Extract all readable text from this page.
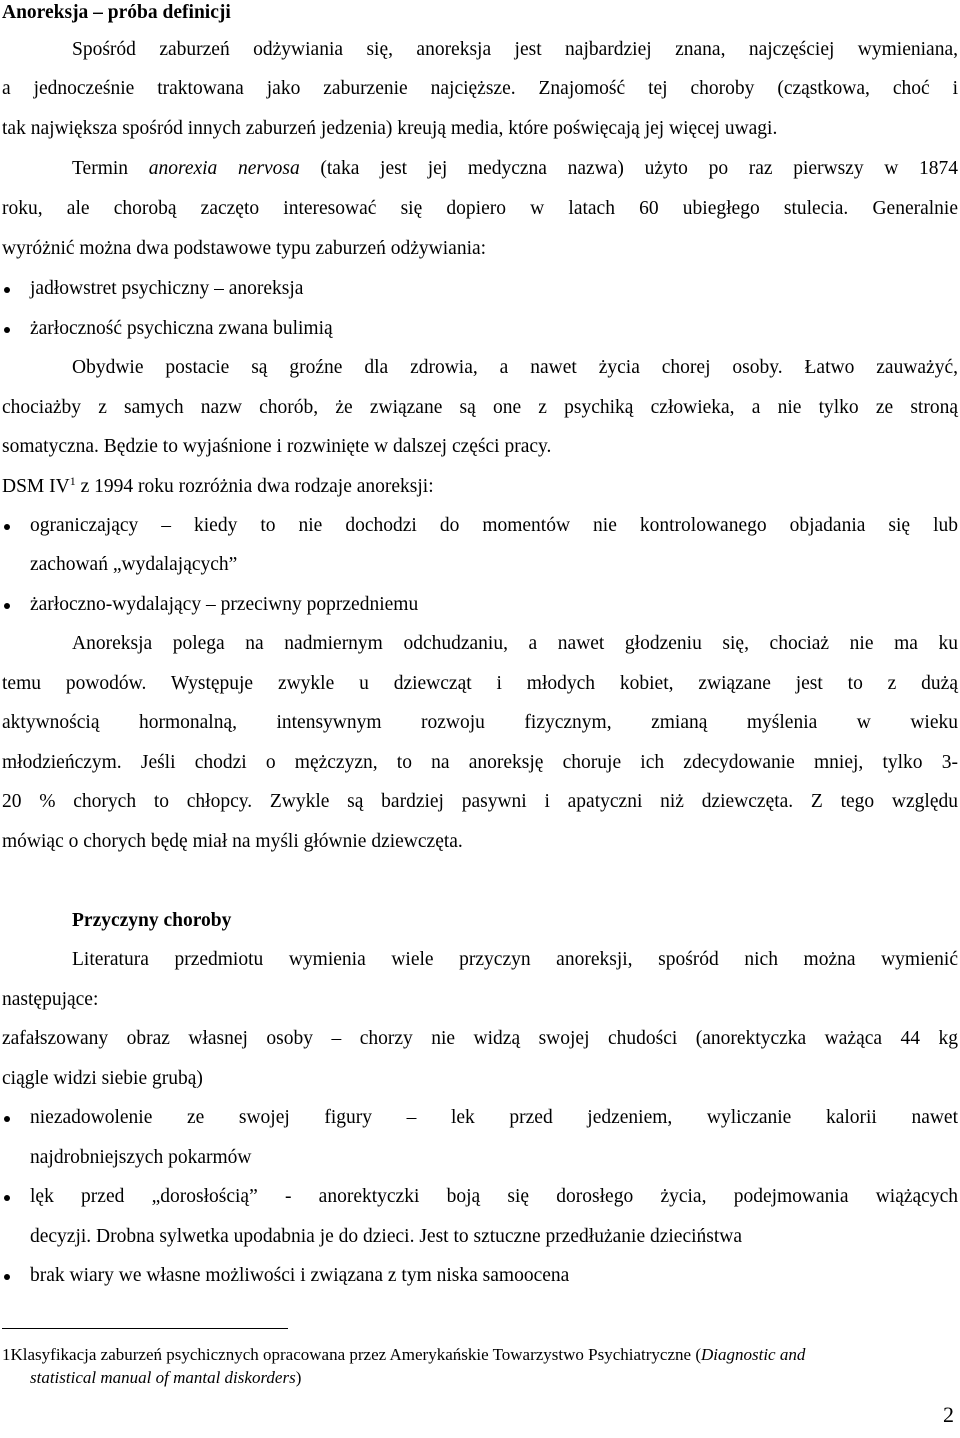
Anoreksja – próba definicji
Spośród zaburzeń odżywiania się, anoreksja jest najbardziej znana, najczęściej wymieniana,
a jednocześnie traktowana jako zaburzenie najcięższe. Znajomość tej choroby (cząstkowa, choć i
tak największa spośród innych zaburzeń jedzenia) kreują media, które poświęcają jej więcej uwagi.
Termin anorexia nervosa (taka jest jej medyczna nazwa) użyto po raz pierwszy w 1874
roku, ale chorobą zaczęto interesować się dopiero w latach 60 ubiegłego stulecia. Generalnie
wyróżnić można dwa podstawowe typu zaburzeń odżywiania:
jadłowstret psychiczny – anoreksja
żarłoczność psychiczna zwana bulimią
Obydwie postacie są groźne dla zdrowia, a nawet życia chorej osoby. Łatwo zauważyć,
chociażby z samych nazw chorób, że związane są one z psychiką człowieka, a nie tylko ze stroną
somatyczna. Będzie to wyjaśnione i rozwinięte w dalszej części pracy.
DSM $IV^1$ z 1994 roku rozróżnia dwa rodzaje anoreksji:
ograniczający – kiedy to nie dochodzi do momentów nie kontrolowanego objadania się lub
zachowań „wydalających”
żarłoczno-wydalający – przeciwny poprzedniemu
Anoreksja polega na nadmiernym odchudzaniu, a nawet głodzeniu się, chociaż nie ma ku
temu powodów. Występuje zwykle u dziewcząt i młodych kobiet, związane jest to z dużą
aktywnością hormonalną, intensywnym rozwoju fizycznym, zmianą myślenia w wieku
młodzieńczym. Jeśli chodzi o mężczyzn, to na anoreksję choruje ich zdecydowanie mniej, tylko 3-
20 % chorych to chłopcy. Zwykle są bardziej pasywni i apatyczni niż dziewczęta. Z tego względu
mówiąc o chorych będę miał na myśli głównie dziewczęta.
Przyczyny choroby
Literatura przedmiotu wymienia wiele przyczyn anoreksji, spośród nich można wymienić
następujące:
zafałszowany obraz własnej osoby – chorzy nie widzą swojej chudości (anorektyczka ważąca 44 kg
ciągle widzi siebie grubą)
niezadowolenie ze swojej figury – lek przed jedzeniem, wyliczanie kalorii nawet
najdrobniejszych pokarmów
lęk przed „dorosłością” - anorektyczki boją się dorosłego życia, podejmowania wiążących
decyzji. Drobna sylwetka upodabnia je do dzieci. Jest to sztuczne przedłużanie dzieciństwa
brak wiary we własne możliwości i związana z tym niska samoocena
1Klasyfikacja zaburzeń psychicznych opracowana przez Amerykańskie Towarzystwo Psychiatryczne (Diagnostic and
statistical manual of mantal diskorders)
2
